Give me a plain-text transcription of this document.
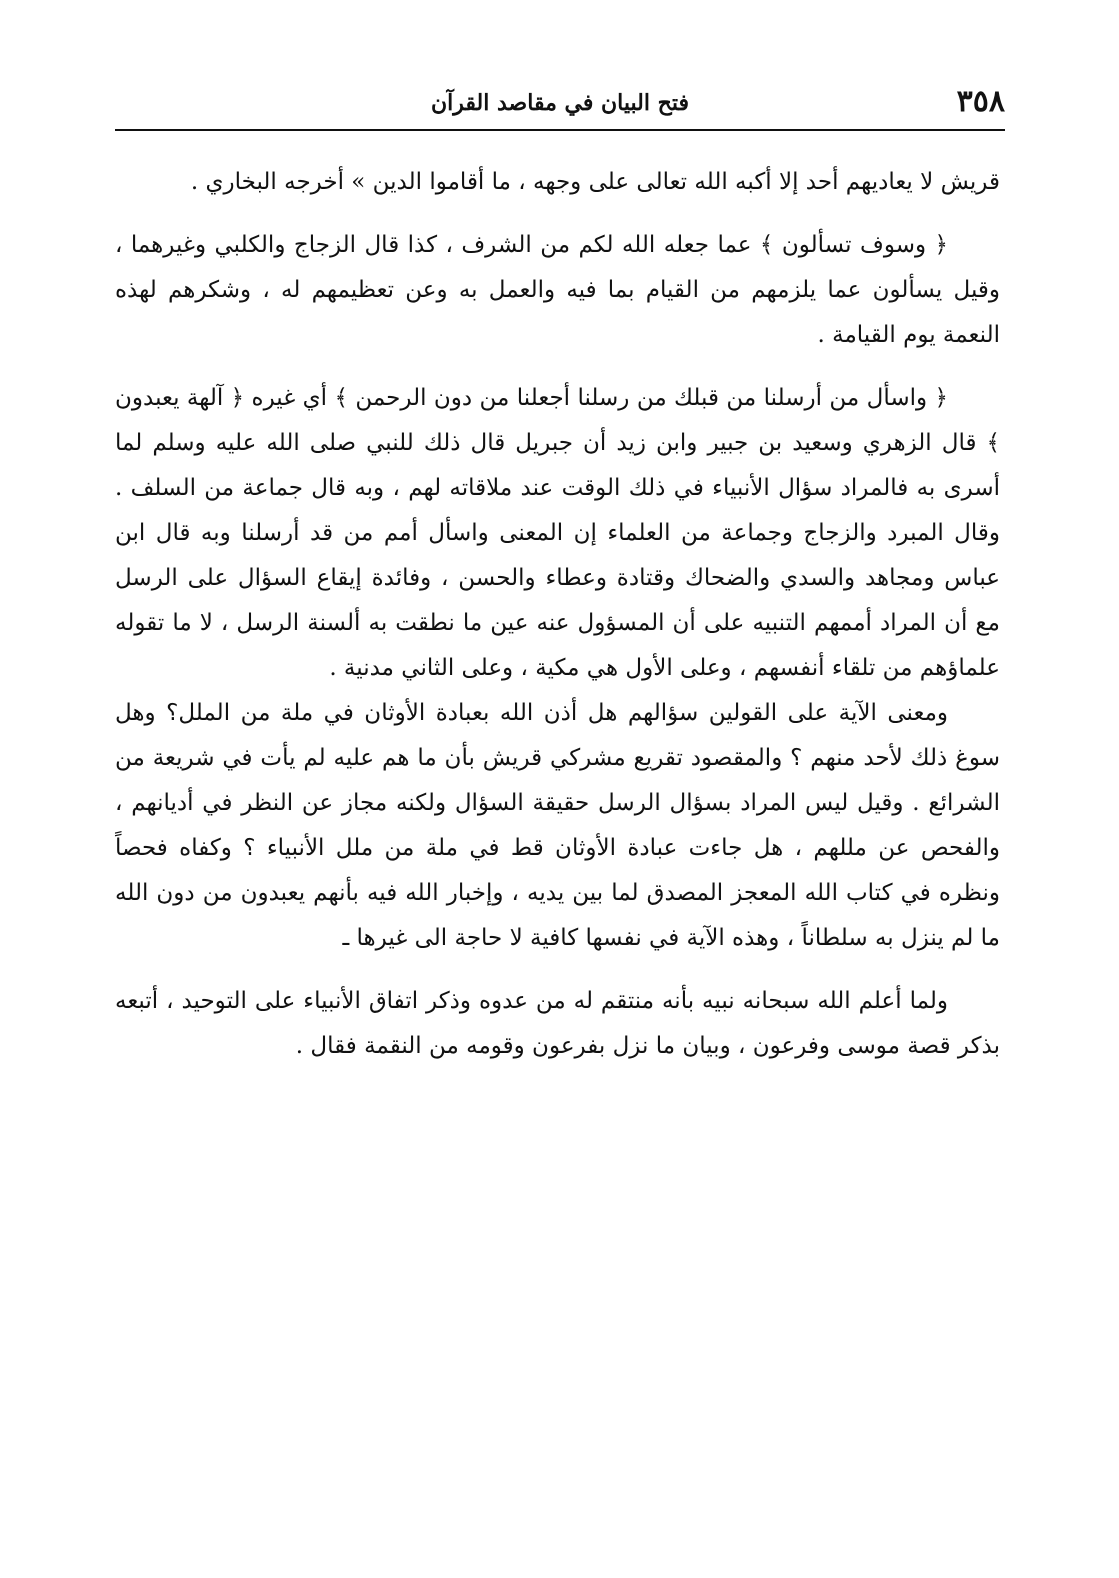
٣٥٨
فتح البيان في مقاصد القرآن

قريش لا يعاديهم أحد إلا أكبه الله تعالى على وجهه ، ما أقاموا الدين » أخرجه البخاري .

﴿ وسوف تسألون ﴾ عما جعله الله لكم من الشرف ، كذا قال الزجاج والكلبي وغيرهما ، وقيل يسألون عما يلزمهم من القيام بما فيه والعمل به وعن تعظيمهم له ، وشكرهم لهذه النعمة يوم القيامة .

﴿ واسأل من أرسلنا من قبلك من رسلنا أجعلنا من دون الرحمن ﴾ أي غيره ﴿ آلهة يعبدون ﴾ قال الزهري وسعيد بن جبير وابن زيد أن جبريل قال ذلك للنبي صلى الله عليه وسلم لما أسرى به فالمراد سؤال الأنبياء في ذلك الوقت عند ملاقاته لهم ، وبه قال جماعة من السلف . وقال المبرد والزجاج وجماعة من العلماء إن المعنى واسأل أمم من قد أرسلنا وبه قال ابن عباس ومجاهد والسدي والضحاك وقتادة وعطاء والحسن ، وفائدة إيقاع السؤال على الرسل مع أن المراد أممهم التنبيه على أن المسؤول عنه عين ما نطقت به ألسنة الرسل ، لا ما تقوله علماؤهم من تلقاء أنفسهم ، وعلى الأول هي مكية ، وعلى الثاني مدنية .

ومعنى الآية على القولين سؤالهم هل أذن الله بعبادة الأوثان في ملة من الملل؟ وهل سوغ ذلك لأحد منهم ؟ والمقصود تقريع مشركي قريش بأن ما هم عليه لم يأت في شريعة من الشرائع . وقيل ليس المراد بسؤال الرسل حقيقة السؤال ولكنه مجاز عن النظر في أديانهم ، والفحص عن مللهم ، هل جاءت عبادة الأوثان قط في ملة من ملل الأنبياء ؟ وكفاه فحصاً ونظره في كتاب الله المعجز المصدق لما بين يديه ، وإخبار الله فيه بأنهم يعبدون من دون الله ما لم ينزل به سلطاناً ، وهذه الآية في نفسها كافية لا حاجة الى غيرها ـ

ولما أعلم الله سبحانه نبيه بأنه منتقم له من عدوه وذكر اتفاق الأنبياء على التوحيد ، أتبعه بذكر قصة موسى وفرعون ، وبيان ما نزل بفرعون وقومه من النقمة فقال .
